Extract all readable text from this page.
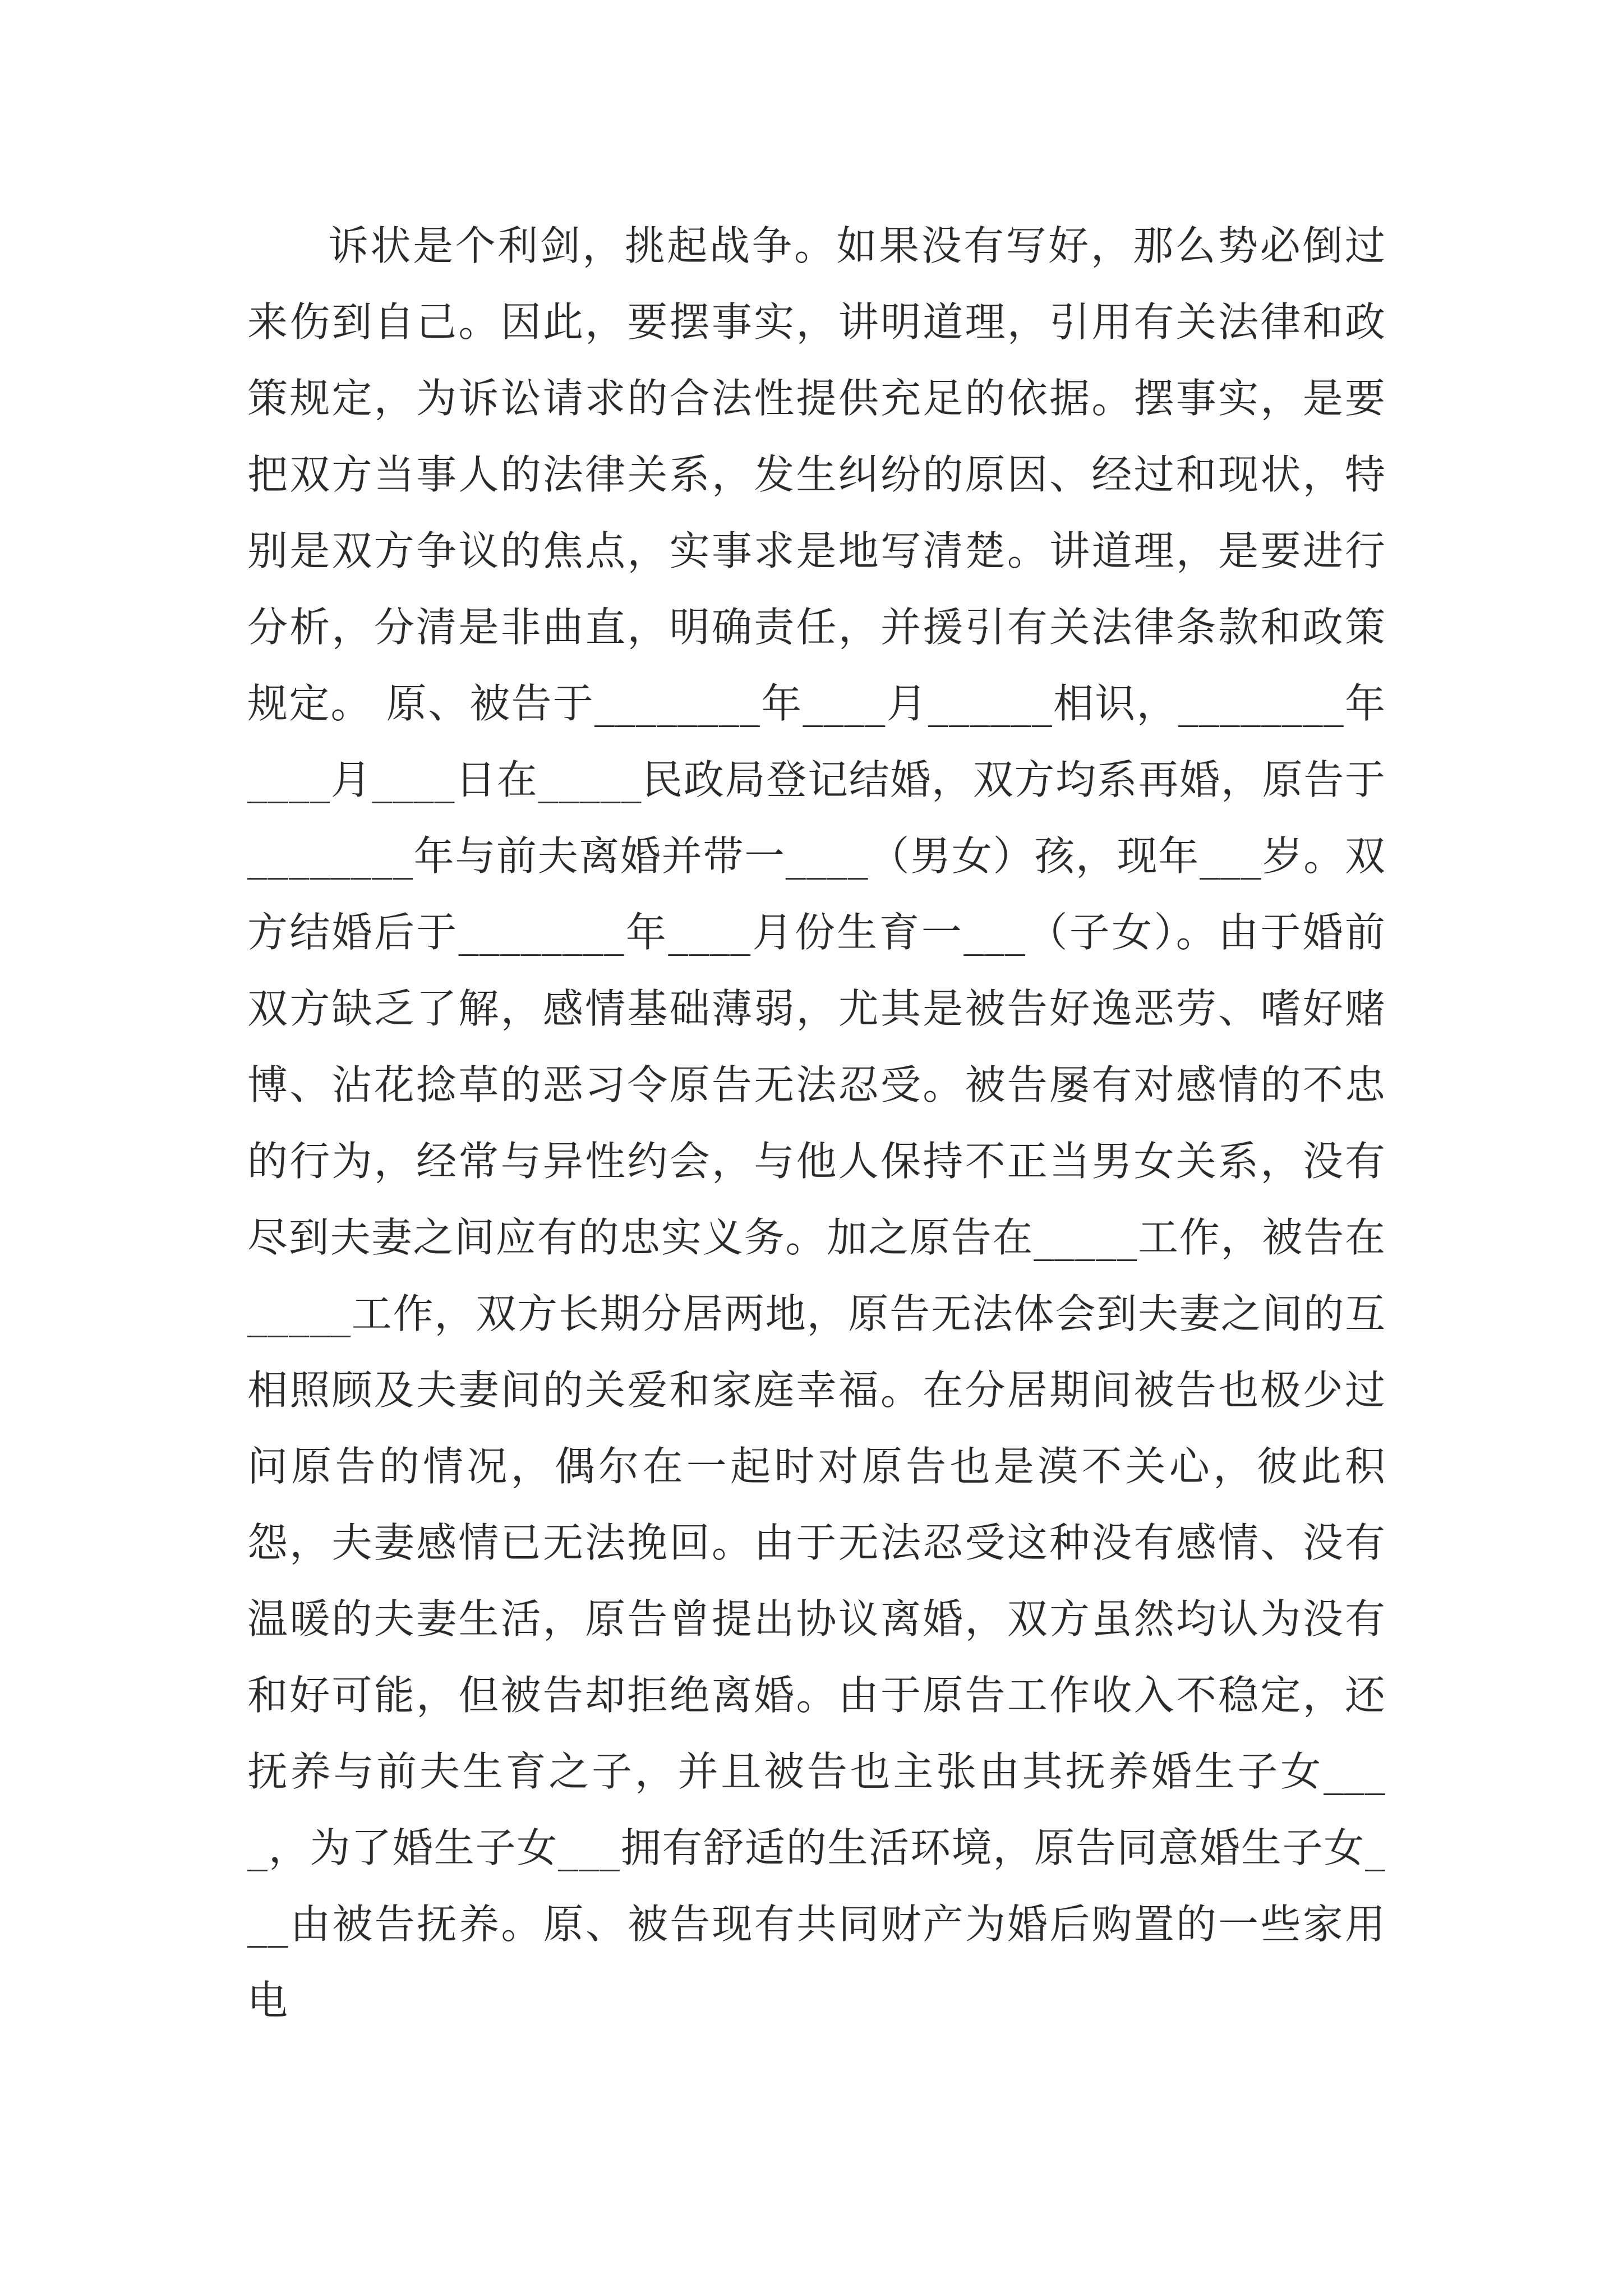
诉状是个利剑，挑起战争。如果没有写好，那么势必倒过来伤到自己。因此，要摆事实，讲明道理，引用有关法律和政策规定，为诉讼请求的合法性提供充足的依据。摆事实，是要把双方当事人的法律关系，发生纠纷的原因、经过和现状，特别是双方争议的焦点，实事求是地写清楚。讲道理，是要进行分析，分清是非曲直，明确责任，并援引有关法律条款和政策规定。 原、被告于________年____月______相识，________年____月____日在_____民政局登记结婚，双方均系再婚，原告于________年与前夫离婚并带一____（男女）孩，现年___岁。双方结婚后于________年____月份生育一___（子女）。由于婚前双方缺乏了解，感情基础薄弱，尤其是被告好逸恶劳、嗜好赌博、沾花捻草的恶习令原告无法忍受。被告屡有对感情的不忠的行为，经常与异性约会，与他人保持不正当男女关系，没有尽到夫妻之间应有的忠实义务。加之原告在_____工作，被告在_____工作，双方长期分居两地，原告无法体会到夫妻之间的互相照顾及夫妻间的关爱和家庭幸福。在分居期间被告也极少过问原告的情况，偶尔在一起时对原告也是漠不关心，彼此积怨，夫妻感情已无法挽回。由于无法忍受这种没有感情、没有温暖的夫妻生活，原告曾提出协议离婚，双方虽然均认为没有和好可能，但被告却拒绝离婚。由于原告工作收入不稳定，还抚养与前夫生育之子，并且被告也主张由其抚养婚生子女____，为了婚生子女___拥有舒适的生活环境，原告同意婚生子女___由被告抚养。原、被告现有共同财产为婚后购置的一些家用电
